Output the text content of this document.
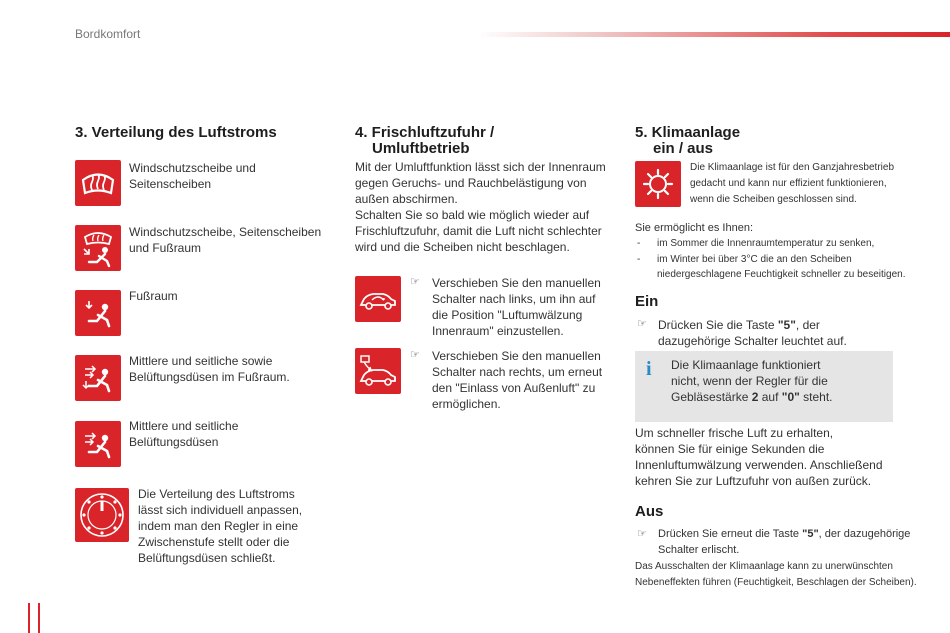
Bordkomfort
3. Verteilung des Luftstroms
Windschutzscheibe und
Seitenscheiben
Windschutzscheibe, Seitenscheiben
und Fußraum
Fußraum
Mittlere und seitliche sowie
Belüftungsdüsen im Fußraum.
Mittlere und seitliche
Belüftungsdüsen
Die Verteilung des Luftstroms
lässt sich individuell anpassen,
indem man den Regler in eine
Zwischenstufe stellt oder die
Belüftungsdüsen schließt.
4. Frischluftzufuhr /
Umluftbetrieb
Mit der Umluftfunktion lässt sich der Innenraum
gegen Geruchs- und Rauchbelästigung von
außen abschirmen.
Schalten Sie so bald wie möglich wieder auf
Frischluftzufuhr, damit die Luft nicht schlechter
wird und die Scheiben nicht beschlagen.
☞ Verschieben Sie den manuellen
Schalter nach links, um ihn auf
die Position "Luftumwälzung
Innenraum" einzustellen.
☞ Verschieben Sie den manuellen
Schalter nach rechts, um erneut
den "Einlass von Außenluft" zu
ermöglichen.
5. Klimaanlage
ein / aus
Die Klimaanlage ist für den Ganzjahresbetrieb
gedacht und kann nur effizient funktionieren,
wenn die Scheiben geschlossen sind.
Sie ermöglicht es Ihnen:
- im Sommer die Innenraumtemperatur zu senken,
- im Winter bei über 3°C die an den Scheiben
niedergeschlagene Feuchtigkeit schneller zu beseitigen.
Ein
☞ Drücken Sie die Taste "5", der
dazugehörige Schalter leuchtet auf.
i Die Klimaanlage funktioniert
nicht, wenn der Regler für die
Gebläsestärke 2 auf "0" steht.
Um schneller frische Luft zu erhalten,
können Sie für einige Sekunden die
Innenluftumwälzung verwenden. Anschließend
kehren Sie zur Luftzufuhr von außen zurück.
Aus
☞ Drücken Sie erneut die Taste "5", der dazugehörige
Schalter erlischt.
Das Ausschalten der Klimaanlage kann zu unerwünschten
Nebeneffekten führen (Feuchtigkeit, Beschlagen der Scheiben).
